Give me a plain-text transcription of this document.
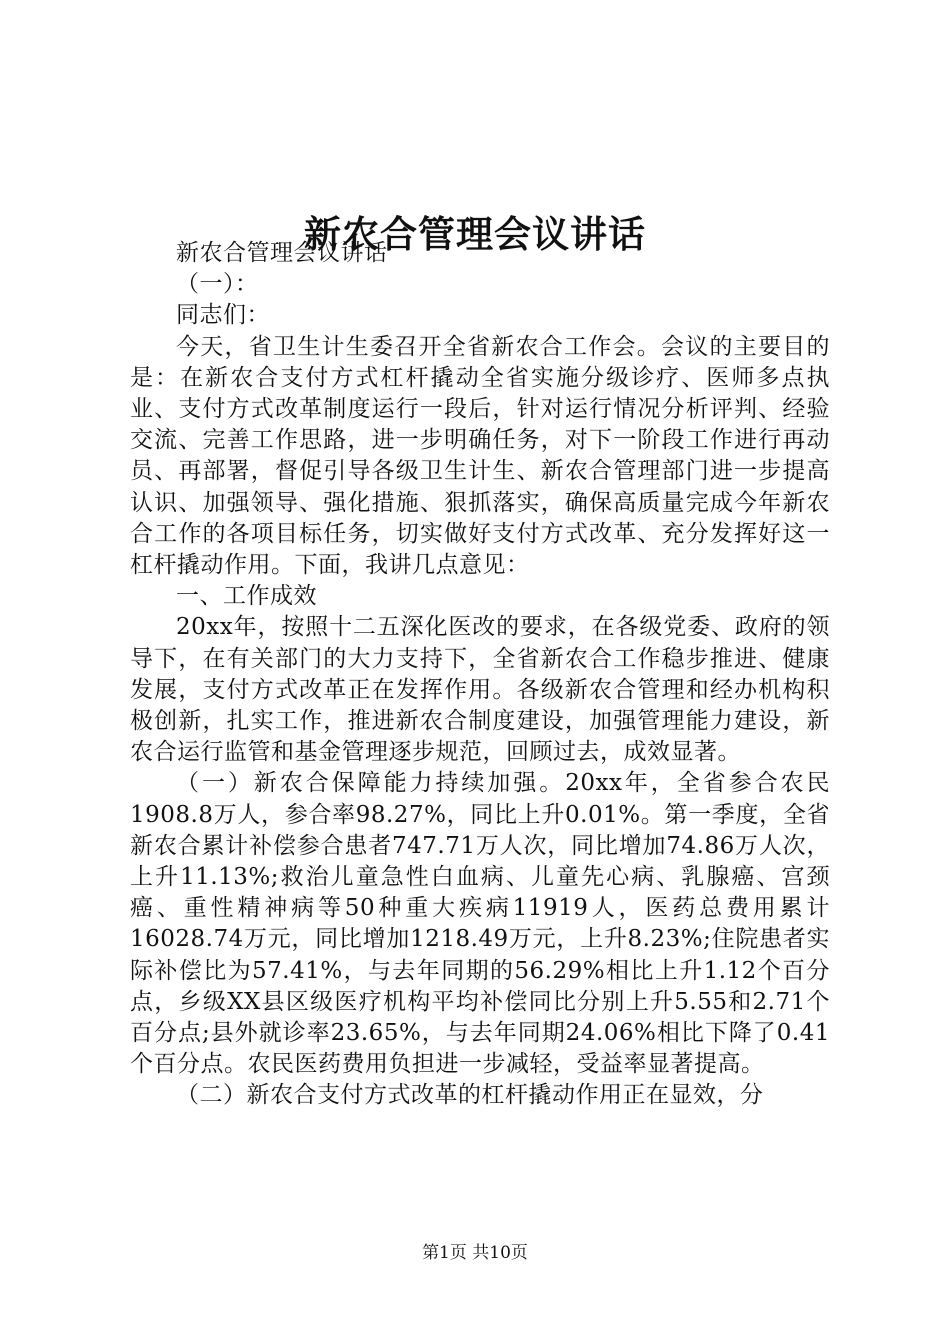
新农合管理会议讲话

新农合管理会议讲话

（一）：

同志们：

今天，省卫生计生委召开全省新农合工作会。会议的主要目的是：在新农合支付方式杠杆撬动全省实施分级诊疗、医师多点执业、支付方式改革制度运行一段后，针对运行情况分析评判、经验交流、完善工作思路，进一步明确任务，对下一阶段工作进行再动员、再部署，督促引导各级卫生计生、新农合管理部门进一步提高认识、加强领导、强化措施、狠抓落实，确保高质量完成今年新农合工作的各项目标任务，切实做好支付方式改革、充分发挥好这一杠杆撬动作用。下面，我讲几点意见：

一、工作成效

20xx年，按照十二五深化医改的要求，在各级党委、政府的领导下，在有关部门的大力支持下，全省新农合工作稳步推进、健康发展，支付方式改革正在发挥作用。各级新农合管理和经办机构积极创新，扎实工作，推进新农合制度建设，加强管理能力建设，新农合运行监管和基金管理逐步规范，回顾过去，成效显著。

（一）新农合保障能力持续加强。20xx年，全省参合农民1908.8万人，参合率98.27%，同比上升0.01%。第一季度，全省新农合累计补偿参合患者747.71万人次，同比增加74.86万人次，上升11.13%;救治儿童急性白血病、儿童先心病、乳腺癌、宫颈癌、重性精神病等50种重大疾病11919人，医药总费用累计16028.74万元，同比增加1218.49万元，上升8.23%;住院患者实际补偿比为57.41%，与去年同期的56.29%相比上升1.12个百分点，乡级XX县区级医疗机构平均补偿同比分别上升5.55和2.71个百分点;县外就诊率23.65%，与去年同期24.06%相比下降了0.41个百分点。农民医药费用负担进一步减轻，受益率显著提高。

（二）新农合支付方式改革的杠杆撬动作用正在显效，分

第1页 共10页
